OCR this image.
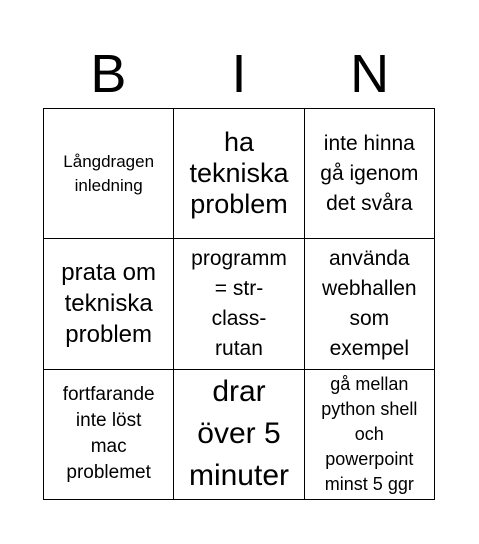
B	I	N
Långdragen
inledning
ha
tekniska
problem
inte hinna
gå igenom
det svåra
prata om
tekniska
problem
programm
= str-
class-
rutan
använda
webhallen
som
exempel
fortfarande
inte löst
mac
problemet
drar
över 5
minuter
gå mellan
python shell
och
powerpoint
minst 5 ggr
